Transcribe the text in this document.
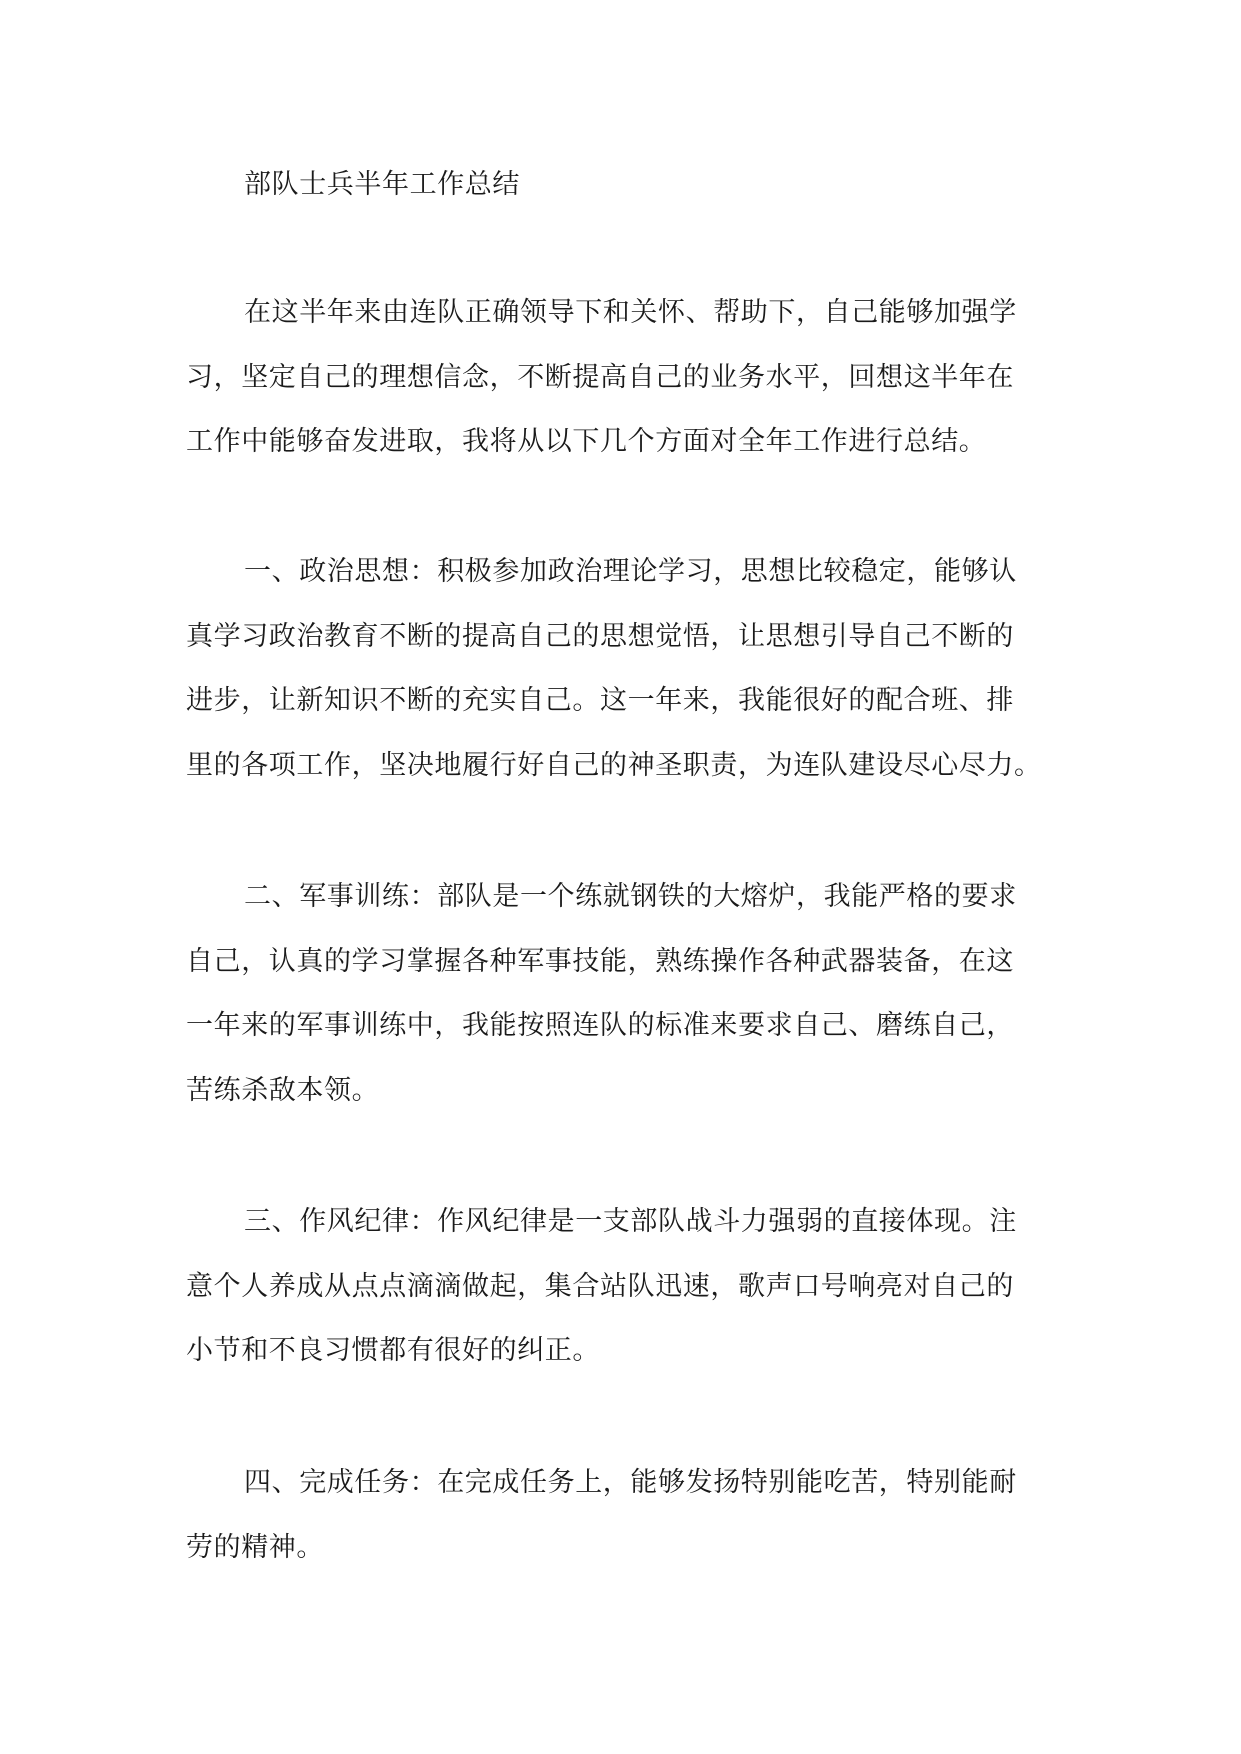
部队士兵半年工作总结

在这半年来由连队正确领导下和关怀、帮助下，自己能够加强学
习，坚定自己的理想信念，不断提高自己的业务水平，回想这半年在
工作中能够奋发进取，我将从以下几个方面对全年工作进行总结。

一、政治思想：积极参加政治理论学习，思想比较稳定，能够认
真学习政治教育不断的提高自己的思想觉悟，让思想引导自己不断的
进步，让新知识不断的充实自己。这一年来，我能很好的配合班、排
里的各项工作，坚决地履行好自己的神圣职责，为连队建设尽心尽力。

二、军事训练：部队是一个练就钢铁的大熔炉，我能严格的要求
自己，认真的学习掌握各种军事技能，熟练操作各种武器装备，在这
一年来的军事训练中，我能按照连队的标准来要求自己、磨练自己，
苦练杀敌本领。

三、作风纪律：作风纪律是一支部队战斗力强弱的直接体现。注
意个人养成从点点滴滴做起，集合站队迅速，歌声口号响亮对自己的
小节和不良习惯都有很好的纠正。

四、完成任务：在完成任务上，能够发扬特别能吃苦，特别能耐
劳的精神。
